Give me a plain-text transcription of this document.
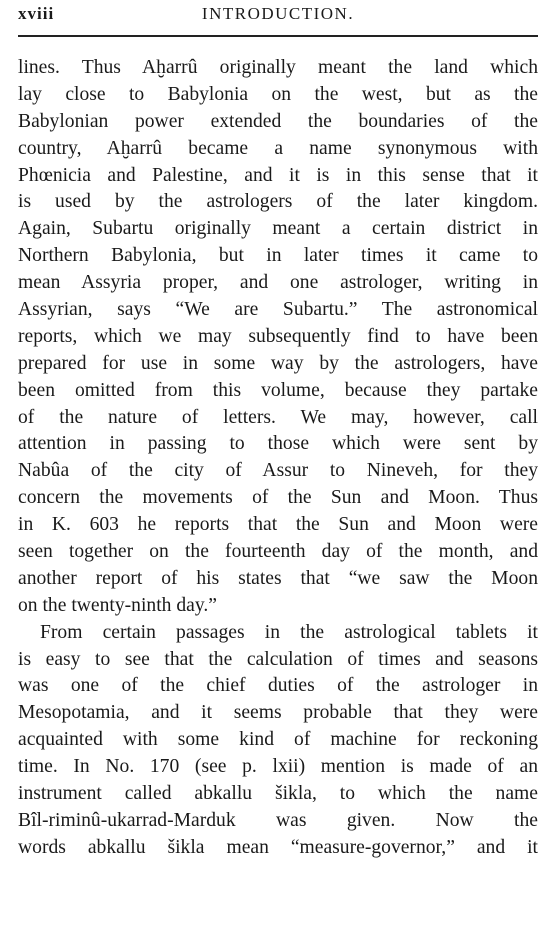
xviii	INTRODUCTION.
lines. Thus Aḫarrû originally meant the land which
lay close to Babylonia on the west, but as the
Babylonian power extended the boundaries of the
country, Aḫarrû became a name synonymous with
Phœnicia and Palestine, and it is in this sense that it
is used by the astrologers of the later kingdom.
Again, Subartu originally meant a certain district in
Northern Babylonia, but in later times it came to
mean Assyria proper, and one astrologer, writing in
Assyrian, says “We are Subartu.” The astronomical
reports, which we may subsequently find to have been
prepared for use in some way by the astrologers, have
been omitted from this volume, because they partake
of the nature of letters. We may, however, call
attention in passing to those which were sent by
Nabûa of the city of Assur to Nineveh, for they
concern the movements of the Sun and Moon. Thus
in K. 603 he reports that the Sun and Moon were
seen together on the fourteenth day of the month, and
another report of his states that “we saw the Moon
on the twenty-ninth day.”
From certain passages in the astrological tablets it
is easy to see that the calculation of times and seasons
was one of the chief duties of the astrologer in
Mesopotamia, and it seems probable that they were
acquainted with some kind of machine for reckoning
time. In No. 170 (see p. lxii) mention is made of an
instrument called abkallu šikla, to which the name
Bîl-riminû-ukarrad-Marduk was given. Now the
words abkallu šikla mean “measure-governor,” and it
